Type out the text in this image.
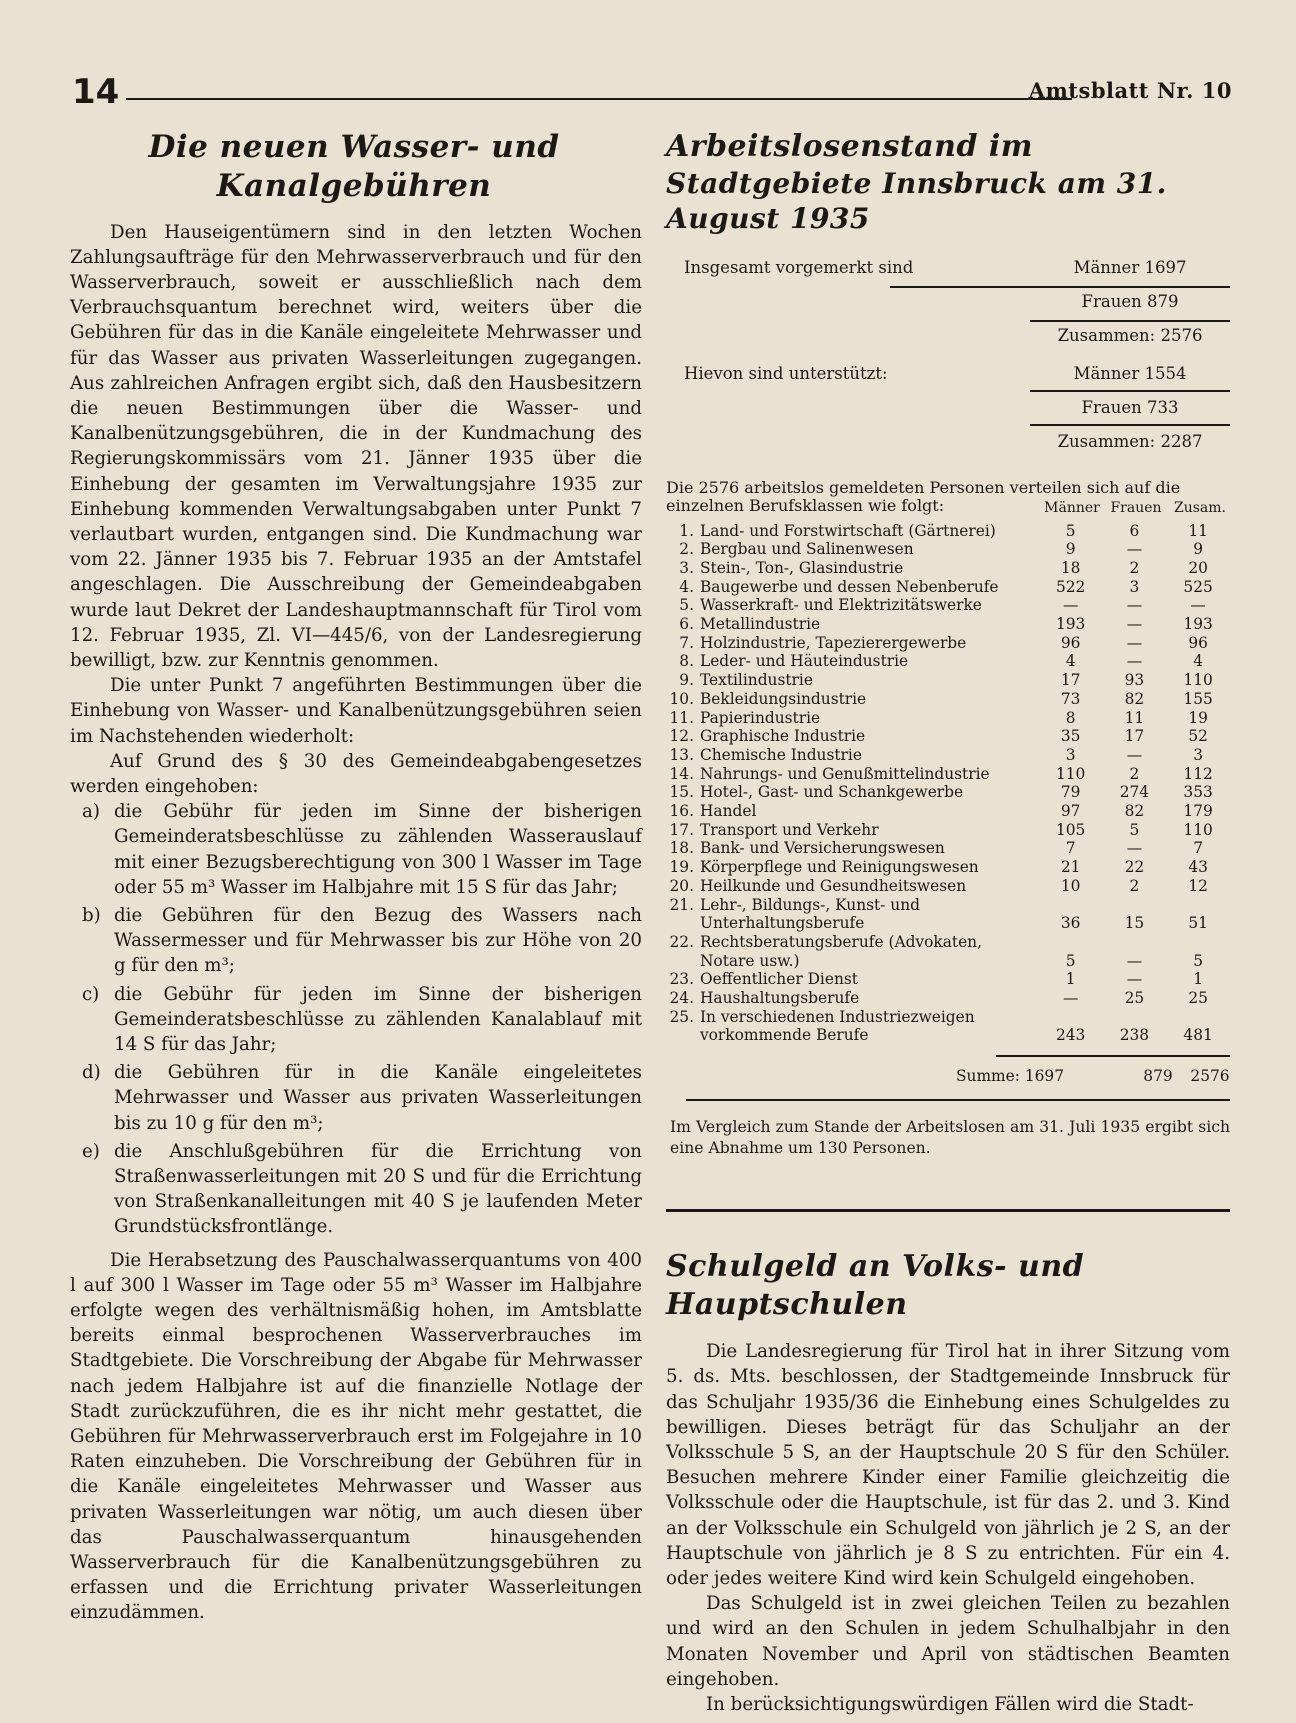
14	Amtsblatt Nr. 10
Die neuen Wasser- und Kanalgebühren

Den Hauseigentümern sind in den letzten Wochen Zahlungsaufträge für den Mehrwasserverbrauch und für den Wasserverbrauch, soweit er ausschließlich nach dem Verbrauchsquantum berechnet wird, weiters über die Gebühren für das in die Kanäle eingeleitete Mehrwasser und für das Wasser aus privaten Wasserleitungen zugegangen. Aus zahlreichen Anfragen ergibt sich, daß den Hausbesitzern die neuen Bestimmungen über die Wasser- und Kanalbenützungsgebühren, die in der Kundmachung des Regierungskommissärs vom 21. Jänner 1935 über die Einhebung der gesamten im Verwaltungsjahre 1935 zur Einhebung kommenden Verwaltungsabgaben unter Punkt 7 verlautbart wurden, entgangen sind. Die Kundmachung war vom 22. Jänner 1935 bis 7. Februar 1935 an der Amtstafel angeschlagen. Die Ausschreibung der Gemeindeabgaben wurde laut Dekret der Landeshauptmannschaft für Tirol vom 12. Februar 1935, Zl. VI—445/6, von der Landesregierung bewilligt, bzw. zur Kenntnis genommen.

Die unter Punkt 7 angeführten Bestimmungen über die Einhebung von Wasser- und Kanalbenützungsgebühren seien im Nachstehenden wiederholt:

Auf Grund des § 30 des Gemeindeabgabengesetzes werden eingehoben:

a) die Gebühr für jeden im Sinne der bisherigen Gemeinderatsbeschlüsse zu zählenden Wasserauslauf mit einer Bezugsberechtigung von 300 l Wasser im Tage oder 55 m³ Wasser im Halbjahre mit 15 S für das Jahr;
b) die Gebühren für den Bezug des Wassers nach Wassermesser und für Mehrwasser bis zur Höhe von 20 g für den m³;
c) die Gebühr für jeden im Sinne der bisherigen Gemeinderatsbeschlüsse zu zählenden Kanalablauf mit 14 S für das Jahr;
d) die Gebühren für in die Kanäle eingeleitetes Mehrwasser und Wasser aus privaten Wasserleitungen bis zu 10 g für den m³;
e) die Anschlußgebühren für die Errichtung von Straßenwasserleitungen mit 20 S und für die Errichtung von Straßenkanalleitungen mit 40 S je laufenden Meter Grundstücksfrontlänge.

Die Herabsetzung des Pauschalwasserquantums von 400 l auf 300 l Wasser im Tage oder 55 m³ Wasser im Halbjahre erfolgte wegen des verhältnismäßig hohen, im Amtsblatte bereits einmal besprochenen Wasserverbrauches im Stadtgebiete. Die Vorschreibung der Abgabe für Mehrwasser nach jedem Halbjahre ist auf die finanzielle Notlage der Stadt zurückzuführen, die es ihr nicht mehr gestattet, die Gebühren für Mehrwasserverbrauch erst im Folgejahre in 10 Raten einzuheben. Die Vorschreibung der Gebühren für in die Kanäle eingeleitetes Mehrwasser und Wasser aus privaten Wasserleitungen war nötig, um auch diesen über das Pauschalwasserquantum hinausgehenden Wasserverbrauch für die Kanalbenützungsgebühren zu erfassen und die Errichtung privater Wasserleitungen einzudämmen.

Arbeitslosenstand im
Stadtgebiete Innsbruck am 31. August 1935
Insgesamt vorgemerkt sind	Männer 1697
Frauen 879
Zusammen: 2576
Hievon sind unterstützt:	Männer 1554
Frauen 733
Zusammen: 2287
Die 2576 arbeitslos gemeldeten Personen verteilen sich auf die
einzelnen Berufsklassen wie folgt:	Männer Frauen Zusam.
1.	Land- und Forstwirtschaft (Gärtnerei)	5	6	11
2.	Bergbau und Salinenwesen	9	—	9
3.	Stein-, Ton-, Glasindustrie	18	2	20
4.	Baugewerbe und dessen Nebenberufe	522	3	525
5.	Wasserkraft- und Elektrizitätswerke	—	—	—
6.	Metallindustrie	193	—	193
7.	Holzindustrie, Tapezierergewerbe	96	—	96
8.	Leder- und Häuteindustrie	4	—	4
9.	Textilindustrie	17	93	110
10.	Bekleidungsindustrie	73	82	155
11.	Papierindustrie	8	11	19
12.	Graphische Industrie	35	17	52
13.	Chemische Industrie	3	—	3
14.	Nahrungs- und Genußmittelindustrie	110	2	112
15.	Hotel-, Gast- und Schankgewerbe	79	274	353
16.	Handel	97	82	179
17.	Transport und Verkehr	105	5	110
18.	Bank- und Versicherungswesen	7	—	7
19.	Körperpflege und Reinigungswesen	21	22	43
20.	Heilkunde und Gesundheitswesen	10	2	12
21.	Lehr-, Bildungs-, Kunst- und Unterhaltungsberufe	36	15	51
22.	Rechtsberatungsberufe (Advokaten, Notare usw.)	5	—	5
23.	Oeffentlicher Dienst	1	—	1
24.	Haushaltungsberufe	—	25	25
25.	In verschiedenen Industriezweigen vorkommende Berufe	243	238	481
Summe: 1697	879	2576
Im Vergleich zum Stande der Arbeitslosen am 31. Juli 1935 ergibt sich eine Abnahme um 130 Personen.
Schulgeld an Volks- und Hauptschulen

Die Landesregierung für Tirol hat in ihrer Sitzung vom 5. ds. Mts. beschlossen, der Stadtgemeinde Innsbruck für das Schuljahr 1935/36 die Einhebung eines Schulgeldes zu bewilligen. Dieses beträgt für das Schuljahr an der Volksschule 5 S, an der Hauptschule 20 S für den Schüler. Besuchen mehrere Kinder einer Familie gleichzeitig die Volksschule oder die Hauptschule, ist für das 2. und 3. Kind an der Volksschule ein Schulgeld von jährlich je 2 S, an der Hauptschule von jährlich je 8 S zu entrichten. Für ein 4. oder jedes weitere Kind wird kein Schulgeld eingehoben.

Das Schulgeld ist in zwei gleichen Teilen zu bezahlen und wird an den Schulen in jedem Schulhalbjahr in den Monaten November und April von städtischen Beamten eingehoben.

In berücksichtigungswürdigen Fällen wird die Stadt-
